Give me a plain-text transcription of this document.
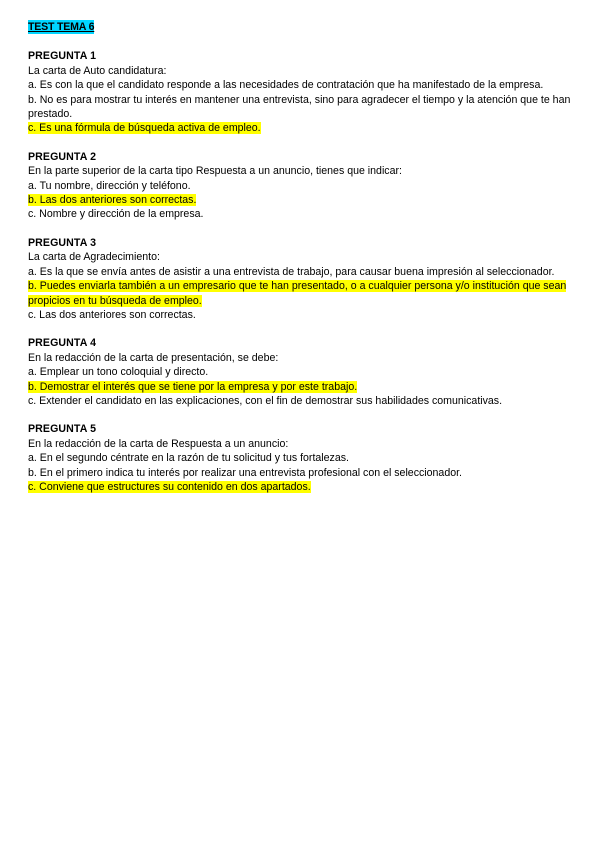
TEST TEMA 6
PREGUNTA 1
La carta de Auto candidatura:
a. Es con la que el candidato responde a las necesidades de contratación que ha manifestado de la empresa.
b. No es para mostrar tu interés en mantener una entrevista, sino para agradecer el tiempo y la atención que te han prestado.
c. Es una fórmula de búsqueda activa de empleo.
PREGUNTA 2
En la parte superior de la carta tipo Respuesta a un anuncio, tienes que indicar:
a. Tu nombre, dirección y teléfono.
b. Las dos anteriores son correctas.
c. Nombre y dirección de la empresa.
PREGUNTA 3
La carta de Agradecimiento:
a. Es la que se envía antes de asistir a una entrevista de trabajo, para causar buena impresión al seleccionador.
b. Puedes enviarla también a un empresario que te han presentado, o a cualquier persona y/o institución que sean propicios en tu búsqueda de empleo.
c. Las dos anteriores son correctas.
PREGUNTA 4
En la redacción de la carta de presentación, se debe:
a. Emplear un tono coloquial y directo.
b. Demostrar el interés que se tiene por la empresa y por este trabajo.
c. Extender el candidato en las explicaciones, con el fin de demostrar sus habilidades comunicativas.
PREGUNTA 5
En la redacción de la carta de Respuesta a un anuncio:
a. En el segundo céntrate en la razón de tu solicitud y tus fortalezas.
b. En el primero indica tu interés por realizar una entrevista profesional con el seleccionador.
c. Conviene que estructures su contenido en dos apartados.
